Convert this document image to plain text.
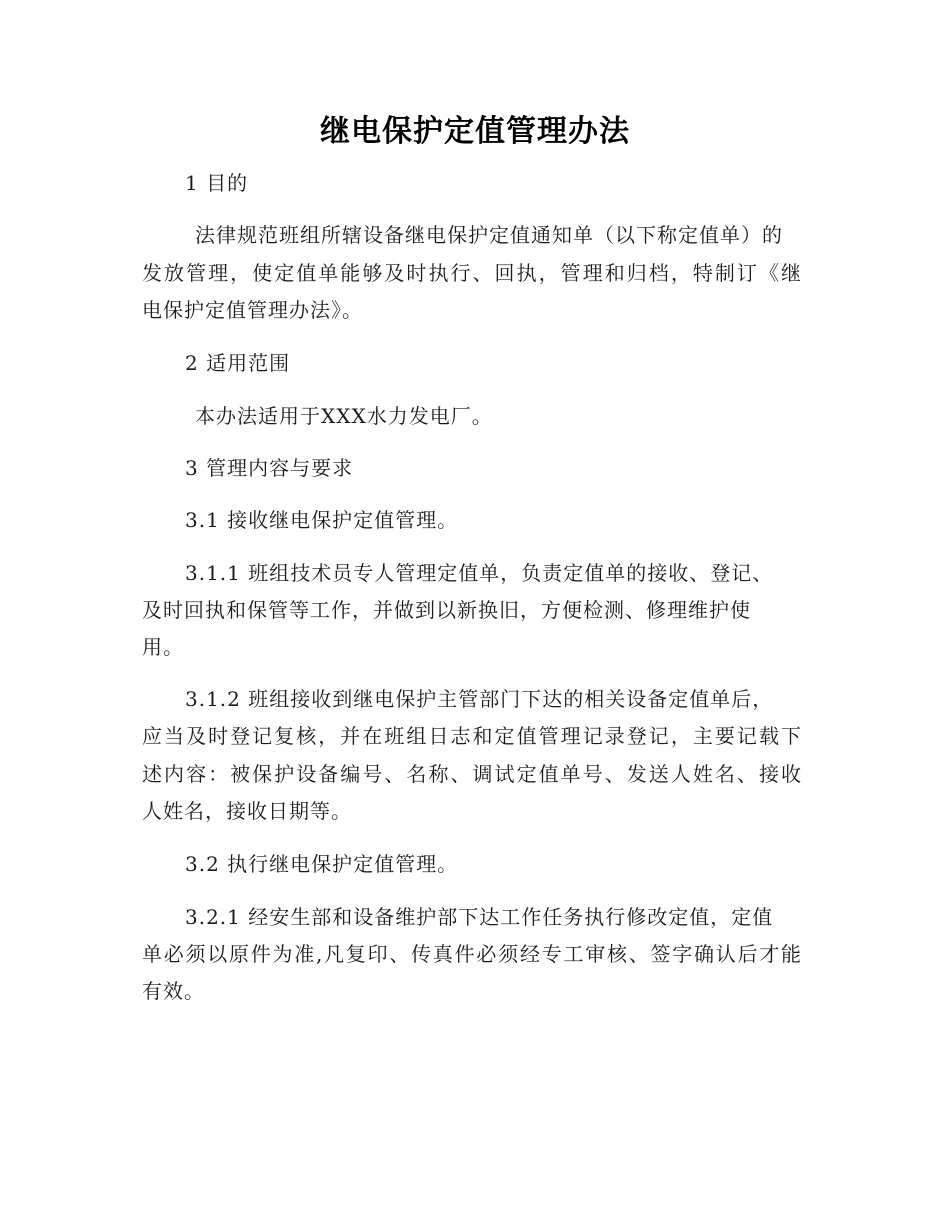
继电保护定值管理办法
1 目的
法律规范班组所辖设备继电保护定值通知单（以下称定值单）的
发放管理，使定值单能够及时执行、回执，管理和归档，特制订《继
电保护定值管理办法》。
2 适用范围
本办法适用于XXX水力发电厂。
3 管理内容与要求
3.1 接收继电保护定值管理。
3.1.1 班组技术员专人管理定值单，负责定值单的接收、登记、
及时回执和保管等工作，并做到以新换旧，方便检测、修理维护使
用。
3.1.2 班组接收到继电保护主管部门下达的相关设备定值单后，
应当及时登记复核，并在班组日志和定值管理记录登记，主要记载下
述内容：被保护设备编号、名称、调试定值单号、发送人姓名、接收
人姓名，接收日期等。
3.2 执行继电保护定值管理。
3.2.1 经安生部和设备维护部下达工作任务执行修改定值，定值
单必须以原件为准,凡复印、传真件必须经专工审核、签字确认后才能
有效。
